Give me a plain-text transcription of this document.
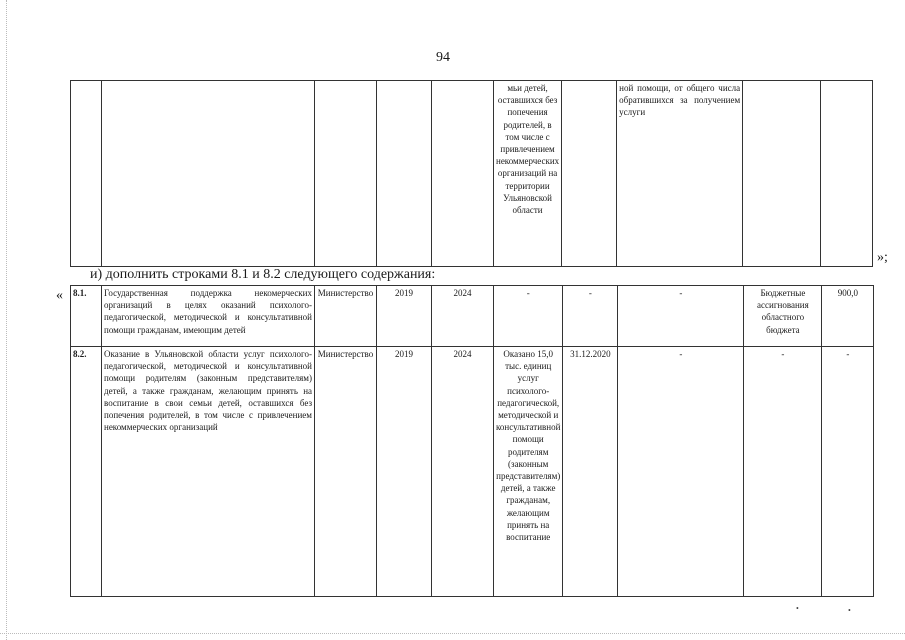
94
					мьи детей, оставшихся без попечения родителей, в том числе с привлечением некоммерческих организаций на территории Ульяновской области		ной помощи, от общего числа обратившихся за получением услуги		
и) дополнить строками 8.1 и 8.2 следующего содержания:
»;
« 8.1.	Государственная поддержка некомерческих организаций в целях оказаний психолого-педагогической, методической и консультативной помощи гражданам, имеющим детей	Министерство	2019	2024	-	-	-	Бюджетные ассигнования областного бюджета	900,0
8.2.	Оказание в Ульяновской области услуг психолого-педагогической, методической и консультативной помощи родителям (законным представителям) детей, а также гражданам, желающим принять на воспитание в свои семьи детей, оставшихся без попечения родителей, в том числе с привлечением некоммерческих организаций	Министерство	2019	2024	Оказано 15,0 тыс. единиц услуг психолого-педагогической, методической и консультативной помощи родителям (законным представителям) детей, а также гражданам, желающим принять на воспитание	31.12.2020	-	-	-
•	•
